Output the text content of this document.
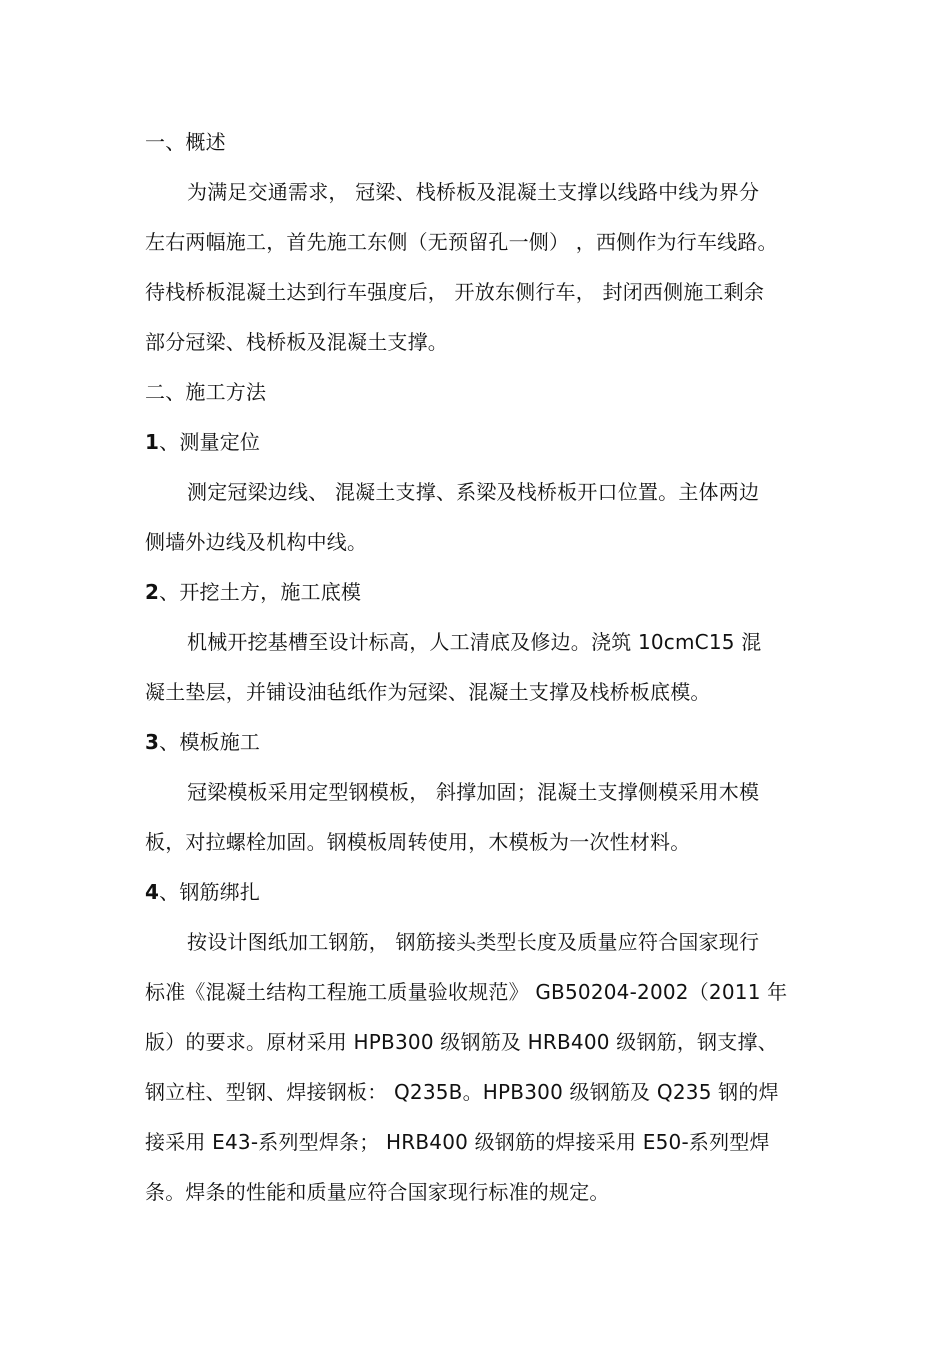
一、概述
为满足交通需求， 冠梁、栈桥板及混凝土支撑以线路中线为界分
左右两幅施工，首先施工东侧（无预留孔一侧） ，西侧作为行车线路。
待栈桥板混凝土达到行车强度后， 开放东侧行车， 封闭西侧施工剩余
部分冠梁、栈桥板及混凝土支撑。
二、施工方法
1、测量定位
测定冠梁边线、 混凝土支撑、系梁及栈桥板开口位置。主体两边
侧墙外边线及机构中线。
2、开挖土方，施工底模
机械开挖基槽至设计标高，人工清底及修边。浇筑 10cmC15 混
凝土垫层，并铺设油毡纸作为冠梁、混凝土支撑及栈桥板底模。
3、模板施工
冠梁模板采用定型钢模板， 斜撑加固；混凝土支撑侧模采用木模
板，对拉螺栓加固。钢模板周转使用，木模板为一次性材料。
4、钢筋绑扎
按设计图纸加工钢筋， 钢筋接头类型长度及质量应符合国家现行
标准《混凝土结构工程施工质量验收规范》 GB50204-2002（2011 年
版）的要求。原材采用 HPB300 级钢筋及 HRB400 级钢筋，钢支撑、
钢立柱、型钢、焊接钢板： Q235B。HPB300 级钢筋及 Q235 钢的焊
接采用 E43-系列型焊条； HRB400 级钢筋的焊接采用 E50-系列型焊
条。焊条的性能和质量应符合国家现行标准的规定。
